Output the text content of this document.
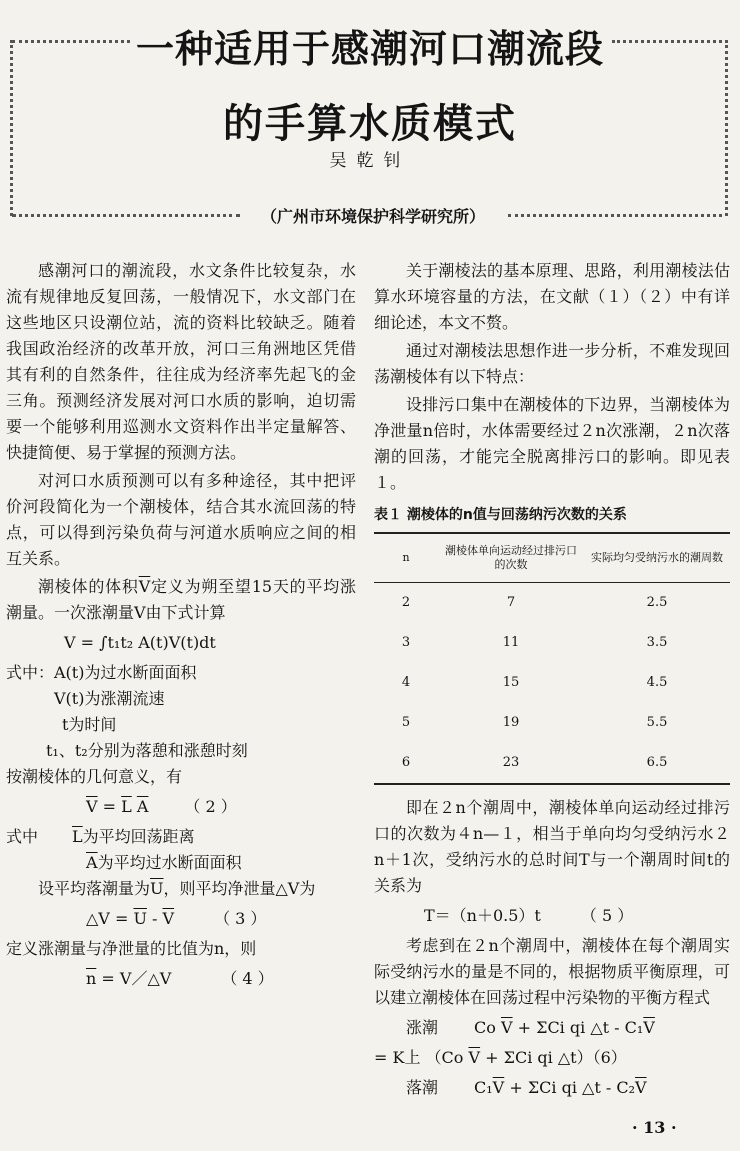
一种适用于感潮河口潮流段
的手算水质模式
吴乾钊
（广州市环境保护科学研究所）

感潮河口的潮流段，水文条件比较复杂，水流有规律地反复回荡，一般情况下，水文部门在这些地区只设潮位站，流的资料比较缺乏。随着我国政治经济的改革开放，河口三角洲地区凭借其有利的自然条件，往往成为经济率先起飞的金三角。预测经济发展对河口水质的影响，迫切需要一个能够利用巡测水文资料作出半定量解答、快捷简便、易于掌握的预测方法。

对河口水质预测可以有多种途径，其中把评价河段简化为一个潮棱体，结合其水流回荡的特点，可以得到污染负荷与河道水质响应之间的相互关系。

潮棱体的体积$\overline{V}$定义为朔至望15天的平均涨潮量。一次涨潮量V由下式计算

V = ∫t₁t₂ A(t)V(t)dt

式中：A(t)为过水断面面积

V(t)为涨潮流速

t为时间

t₁、t₂分别为落憩和涨憩时刻

按潮棱体的几何意义，有

$\overline{V} = \overline{L}$ $\overline{A}$ （ 2 ）

式中 $\overline{L}$为平均回荡距离

$\overline{A}$为平均过水断面面积

设平均落潮量为$\overline{U}$，则平均净泄量△V为

△V = $\overline{U} - \overline{V}$	（ 3 ）

定义涨潮量与净泄量的比值为n，则

$\overline{n}$ = V／△V	（ 4 ）

关于潮棱法的基本原理、思路，利用潮棱法估算水环境容量的方法，在文献（１）（２）中有详细论述，本文不赘。

通过对潮棱法思想作进一步分析，不难发现回荡潮棱体有以下特点：

设排污口集中在潮棱体的下边界，当潮棱体为净泄量n倍时，水体需要经过２n次涨潮，２n次落潮的回荡，才能完全脱离排污口的影响。即见表１。

表１ 潮棱体的n值与回荡纳污次数的关系
n	潮棱体单向运动经过排污口的次数	实际均匀受纳污水的潮周数
2	7	2.5
3	11	3.5
4	15	4.5
5	19	5.5
6	23	6.5

即在２n个潮周中，潮棱体单向运动经过排污口的次数为４n—１，相当于单向均匀受纳污水２n＋1次，受纳污水的总时间T与一个潮周时间t的关系为

T＝（n＋0.5）t	（ 5 ）

考虑到在２n个潮周中，潮棱体在每个潮周实际受纳污水的量是不同的，根据物质平衡原理，可以建立潮棱体在回荡过程中污染物的平衡方程式

涨潮 Co $\overline{V} + \Sigma Ci$ qi △t - $C_1\overline{V}$

= K上 （Co $\overline{V} + \Sigma Ci$ qi △t）（6）

落潮 $C_1\overline{V} + \Sigma Ci$ qi △t - $C_2\overline{V}$

· 13 ·
